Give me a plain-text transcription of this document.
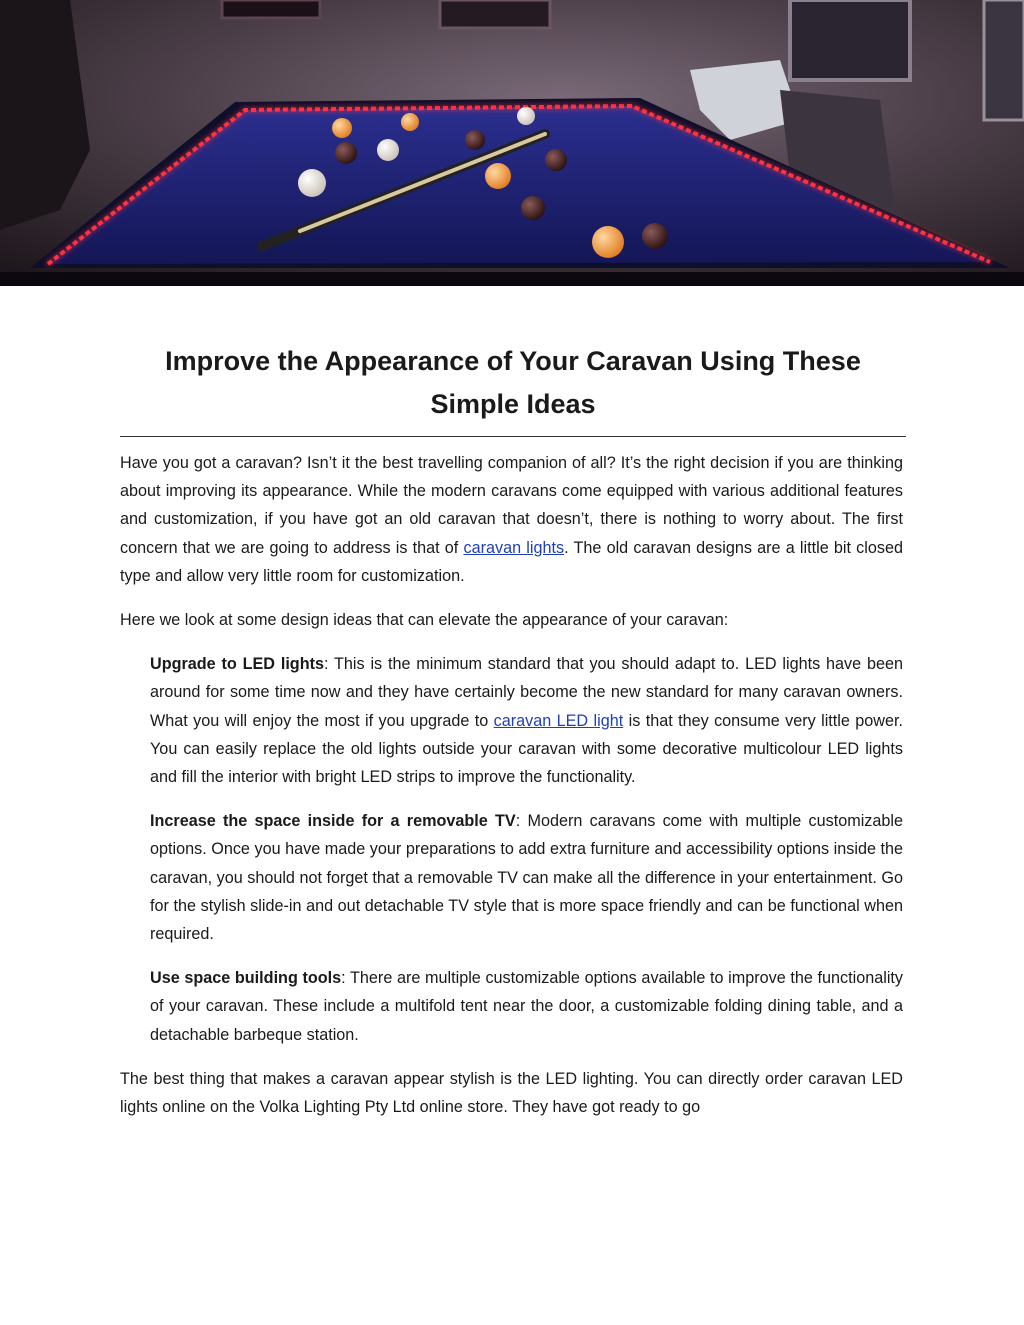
Improve the Appearance of Your Caravan Using These Simple Ideas

Have you got a caravan? Isn’t it the best travelling companion of all? It’s the right decision if you are thinking about improving its appearance. While the modern caravans come equipped with various additional features and customization, if you have got an old caravan that doesn’t, there is nothing to worry about. The first concern that we are going to address is that of caravan lights. The old caravan designs are a little bit closed type and allow very little room for customization.

Here we look at some design ideas that can elevate the appearance of your caravan:

Upgrade to LED lights: This is the minimum standard that you should adapt to. LED lights have been around for some time now and they have certainly become the new standard for many caravan owners. What you will enjoy the most if you upgrade to caravan LED light is that they consume very little power. You can easily replace the old lights outside your caravan with some decorative multicolour LED lights and fill the interior with bright LED strips to improve the functionality.

Increase the space inside for a removable TV: Modern caravans come with multiple customizable options. Once you have made your preparations to add extra furniture and accessibility options inside the caravan, you should not forget that a removable TV can make all the difference in your entertainment. Go for the stylish slide-in and out detachable TV style that is more space friendly and can be functional when required.

Use space building tools: There are multiple customizable options available to improve the functionality of your caravan. These include a multifold tent near the door, a customizable folding dining table, and a detachable barbeque station.

The best thing that makes a caravan appear stylish is the LED lighting. You can directly order caravan LED lights online on the Volka Lighting Pty Ltd online store. They have got ready to go
